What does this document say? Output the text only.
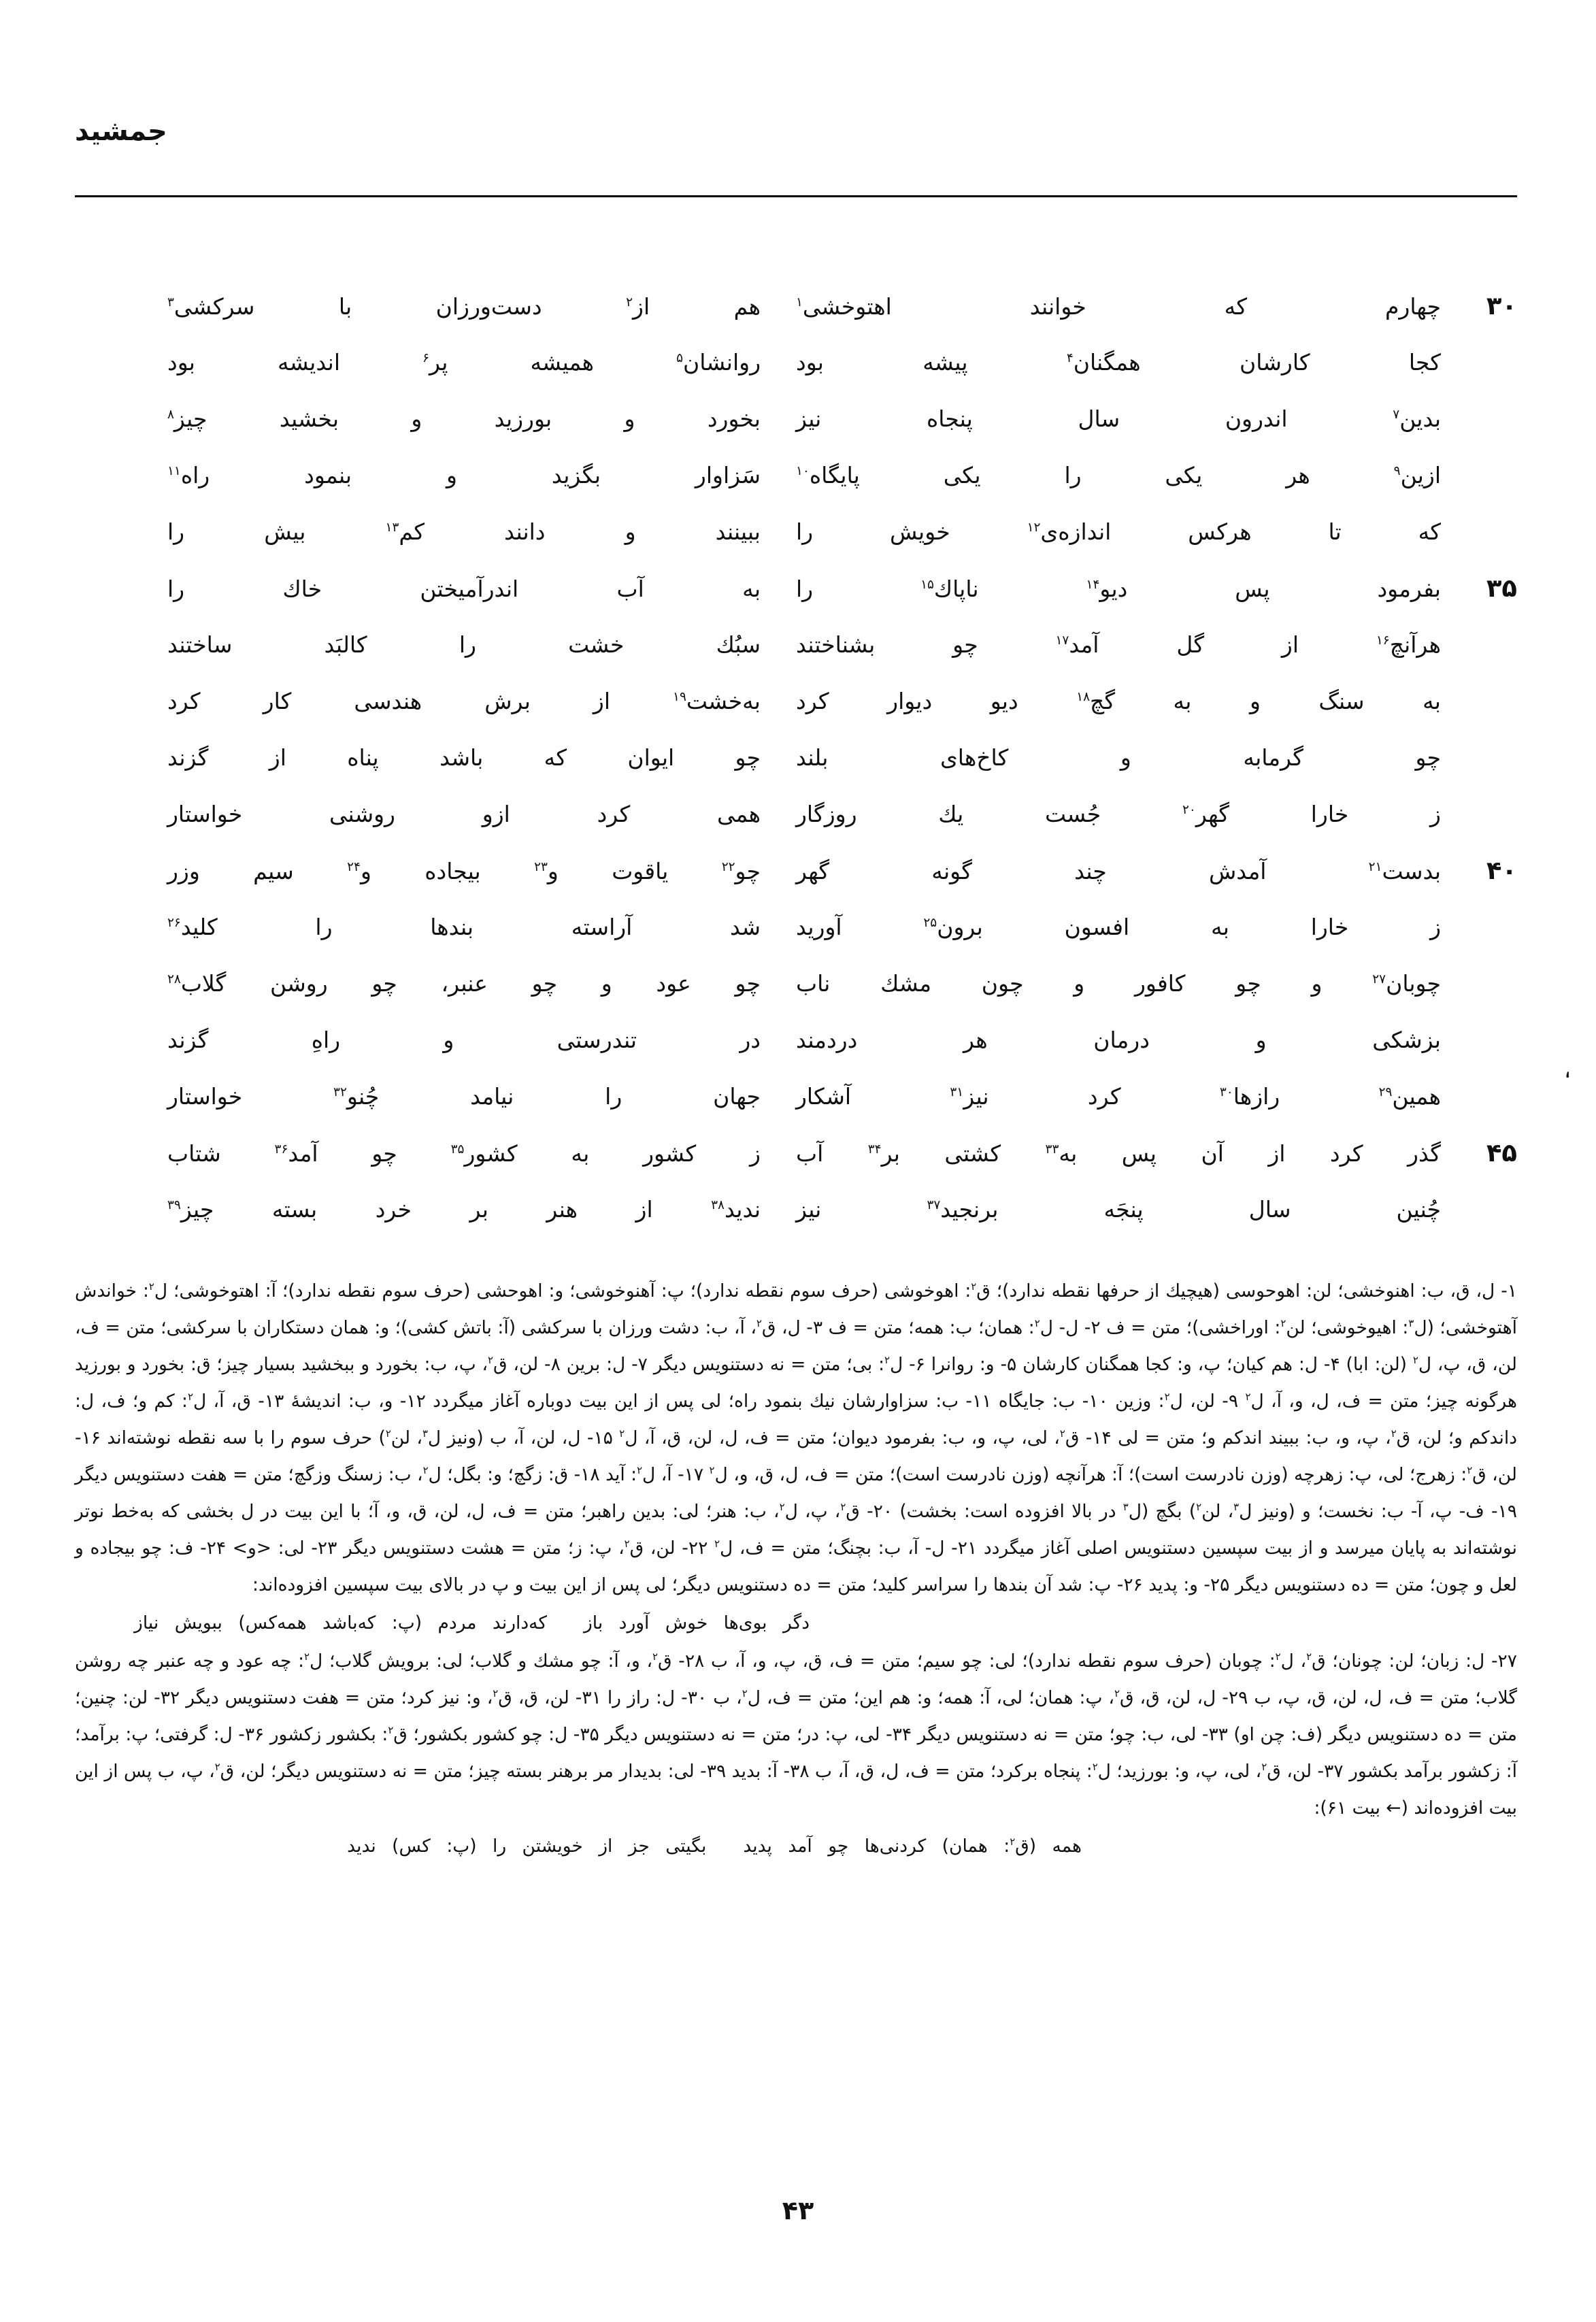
جمشید
۳۰
چهارم که خوانند اهتوخشی$^۱$
هم از$^۲$ دست‌ورزان با سرکشی$^۳$
کجا کارشان همگنان$^۴$ پیشه بود
روانشان$^۵$ همیشه پر$^۶$ اندیشه بود
بدین$^۷$ اندرون سال پنجاه نیز
بخورد و بورزید و بخشید چیز$^۸$
ازین$^۹$ هر یکی را یکی پایگاه$^{۱۰}$
سَزاوار بگزید و بنمود راه$^{۱۱}$
که تا هرکس اندازه‌ی$^{۱۲}$ خویش را
ببینند و دانند کم$^{۱۳}$ بیش را
۳۵
بفرمود پس دیو$^{۱۴}$ ناپاك$^{۱۵}$ را
به آب اندرآمیختن خاك را
هرآنچ$^{۱۶}$ از گل آمد$^{۱۷}$ چو بشناختند
سبُك خشت را کالبَد ساختند
به سنگ و به گچ$^{۱۸}$ دیو دیوار کرد
به‌خشت$^{۱۹}$ از برش هندسی کار کرد
چو گرمابه و کاخ‌های بلند
چو ایوان که باشد پناه از گزند
ز خارا گهر$^{۲۰}$ جُست یك روزگار
همی کرد ازو روشنی خواستار
۴۰
بدست$^{۲۱}$ آمدش چند گونه گهر
چو$^{۲۲}$ یاقوت و$^{۲۳}$ بیجاده و$^{۲۴}$ سیم وزر
ز خارا به افسون برون$^{۲۵}$ آورید
شد آراسته بندها را کلید$^{۲۶}$
چوبان$^{۲۷}$ و چو کافور و چون مشك ناب
چو عود و چو عنبر، چو روشن گلاب$^{۲۸}$
بزشکی و درمان هر دردمند
در تندرستی و راهِ گزند
همین$^{۲۹}$ رازها$^{۳۰}$ کرد نیز$^{۳۱}$ آشکار
جهان را نیامد چُنو$^{۳۲}$ خواستار
۴۵
گذر کرد از آن پس به$^{۳۳}$ کشتی بر$^{۳۴}$ آب
ز کشور به کشور$^{۳۵}$ چو آمد$^{۳۶}$ شتاب
چُنین سال پنجَه برنجید$^{۳۷}$ نیز
ندید$^{۳۸}$ از هنر بر خرد بسته چیز$^{۳۹}$

۱- ل، ق، ب: اهنوخشی؛ لن: اهوحوسی (هیچیك از حرفها نقطه ندارد)؛ ق$^۲$: اهوخوشی (حرف سوم نقطه ندارد)؛ پ: آهنوخوشی؛ و: اهوحشی (حرف سوم نقطه ندارد)؛ آ: اهتوخوشی؛ ل$^۲$: خواندش آهتوخشی؛ (ل$^۳$: اهیوخوشی؛ لن$^۲$: اوراخشی)؛ متن = ف ۲- ل- ل$^۲$: همان؛ ب: همه؛ متن = ف ۳- ل، ق$^۲$، آ، ب: دشت ورزان با سرکشی (آ: باتش کشی)؛ و: همان دستکاران با سرکشی؛ متن = ف، لن، ق، پ، ل$^۲$ (لن: ابا) ۴- ل: هم کیان؛ پ، و: کجا همگنان کارشان ۵- و: روانرا ۶- ل$^۲$: بی؛ متن = نه دستنویس دیگر ۷- ل: برین ۸- لن، ق$^۲$، پ، ب: بخورد و ببخشید بسیار چیز؛ ق: بخورد و بورزید هرگونه چیز؛ متن = ف، ل، و، آ، ل$^۲$ ۹- لن، ل$^۲$: وزین ۱۰- ب: جایگاه ۱۱- ب: سزاوارشان نیك بنمود راه؛ لی پس از این بیت دوباره آغاز میگردد ۱۲- و، ب: اندیشهٔ ۱۳- ق، آ، ل$^۲$: کم و؛ ف، ل: داندکم و؛ لن، ق$^۲$، پ، و، ب: ببیند اندکم و؛ متن = لی ۱۴- ق$^۲$، لی، پ، و، ب: بفرمود دیوان؛ متن = ف، ل، لن، ق، آ، ل$^۲$ ۱۵- ل، لن، آ، ب (ونیز ل$^۳$، لن$^۲$) حرف سوم را با سه نقطه نوشته‌اند ۱۶- لن، ق$^۲$: زهرج؛ لی، پ: زهرچه (وزن نادرست است)؛ آ: هرآنچه (وزن نادرست است)؛ متن = ف، ل، ق، و، ل$^۲$ ۱۷- آ، ل$^۲$: آید ۱۸- ق: زگچ؛ و: بگل؛ ل$^۲$، ب: زسنگ وزگچ؛ متن = هفت دستنویس دیگر ۱۹- ف- پ، آ- ب: نخست؛ و (ونیز ل$^۳$، لن$^۲$) بگچ (ل$^۳$ در بالا افزوده است: بخشت) ۲۰- ق$^۲$، پ، ل$^۲$، ب: هنر؛ لی: بدین راهبر؛ متن = ف، ل، لن، ق، و، آ؛ با این بیت در ل بخشی که به‌خط نوتر نوشته‌اند به پایان میرسد و از بیت سپسین دستنویس اصلی آغاز میگردد ۲۱- ل- آ، ب: بچنگ؛ متن = ف، ل$^۲$ ۲۲- لن، ق$^۲$، پ: ز؛ متن = هشت دستنویس دیگر ۲۳- لی: <و> ۲۴- ف: چو بیجاده و لعل و چون؛ متن = ده دستنویس دیگر ۲۵- و: پدید ۲۶- پ: شد آن بندها را سراسر کلید؛ متن = ده دستنویس دیگر؛ لی پس از این بیت و پ در بالای بیت سپسین افزوده‌اند:

دگر بوی‌ها خوش آورد باز
که‌دارند مردم (پ: که‌باشد همه‌کس) ببویش نیاز

۲۷- ل: زبان؛ لن: چونان؛ ق$^۲$، ل$^۲$: چوبان (حرف سوم نقطه ندارد)؛ لی: چو سیم؛ متن = ف، ق، پ، و، آ، ب ۲۸- ق$^۲$، و، آ: چو مشك و گلاب؛ لی: برویش گلاب؛ ل$^۲$: چه عود و چه عنبر چه روشن گلاب؛ متن = ف، ل، لن، ق، پ، ب ۲۹- ل، لن، ق، ق$^۲$، پ: همان؛ لی، آ: همه؛ و: هم این؛ متن = ف، ل$^۲$، ب ۳۰- ل: راز را ۳۱- لن، ق، ق$^۲$، و: نیز کرد؛ متن = هفت دستنویس دیگر ۳۲- لن: چنین؛ متن = ده دستنویس دیگر (ف: چن او) ۳۳- لی، ب: چو؛ متن = نه دستنویس دیگر ۳۴- لی، پ: در؛ متن = نه دستنویس دیگر ۳۵- ل: چو کشور بکشور؛ ق$^۲$: بکشور زکشور ۳۶- ل: گرفتی؛ پ: برآمد؛ آ: زکشور برآمد بکشور ۳۷- لن، ق$^۲$، لی، پ، و: بورزید؛ ل$^۲$: پنجاه برکرد؛ متن = ف، ل، ق، آ، ب ۳۸- آ: بدید ۳۹- لی: بدیدار مر برهنر بسته چیز؛ متن = نه دستنویس دیگر؛ لن، ق$^۲$، پ، ب پس از این بیت افزوده‌اند (← بیت ۶۱):

همه (ق$^۲$: همان) کردنی‌ها چو آمد پدید
بگیتی جز از خویشتن را (پ: کس) ندید
،
۴۳
